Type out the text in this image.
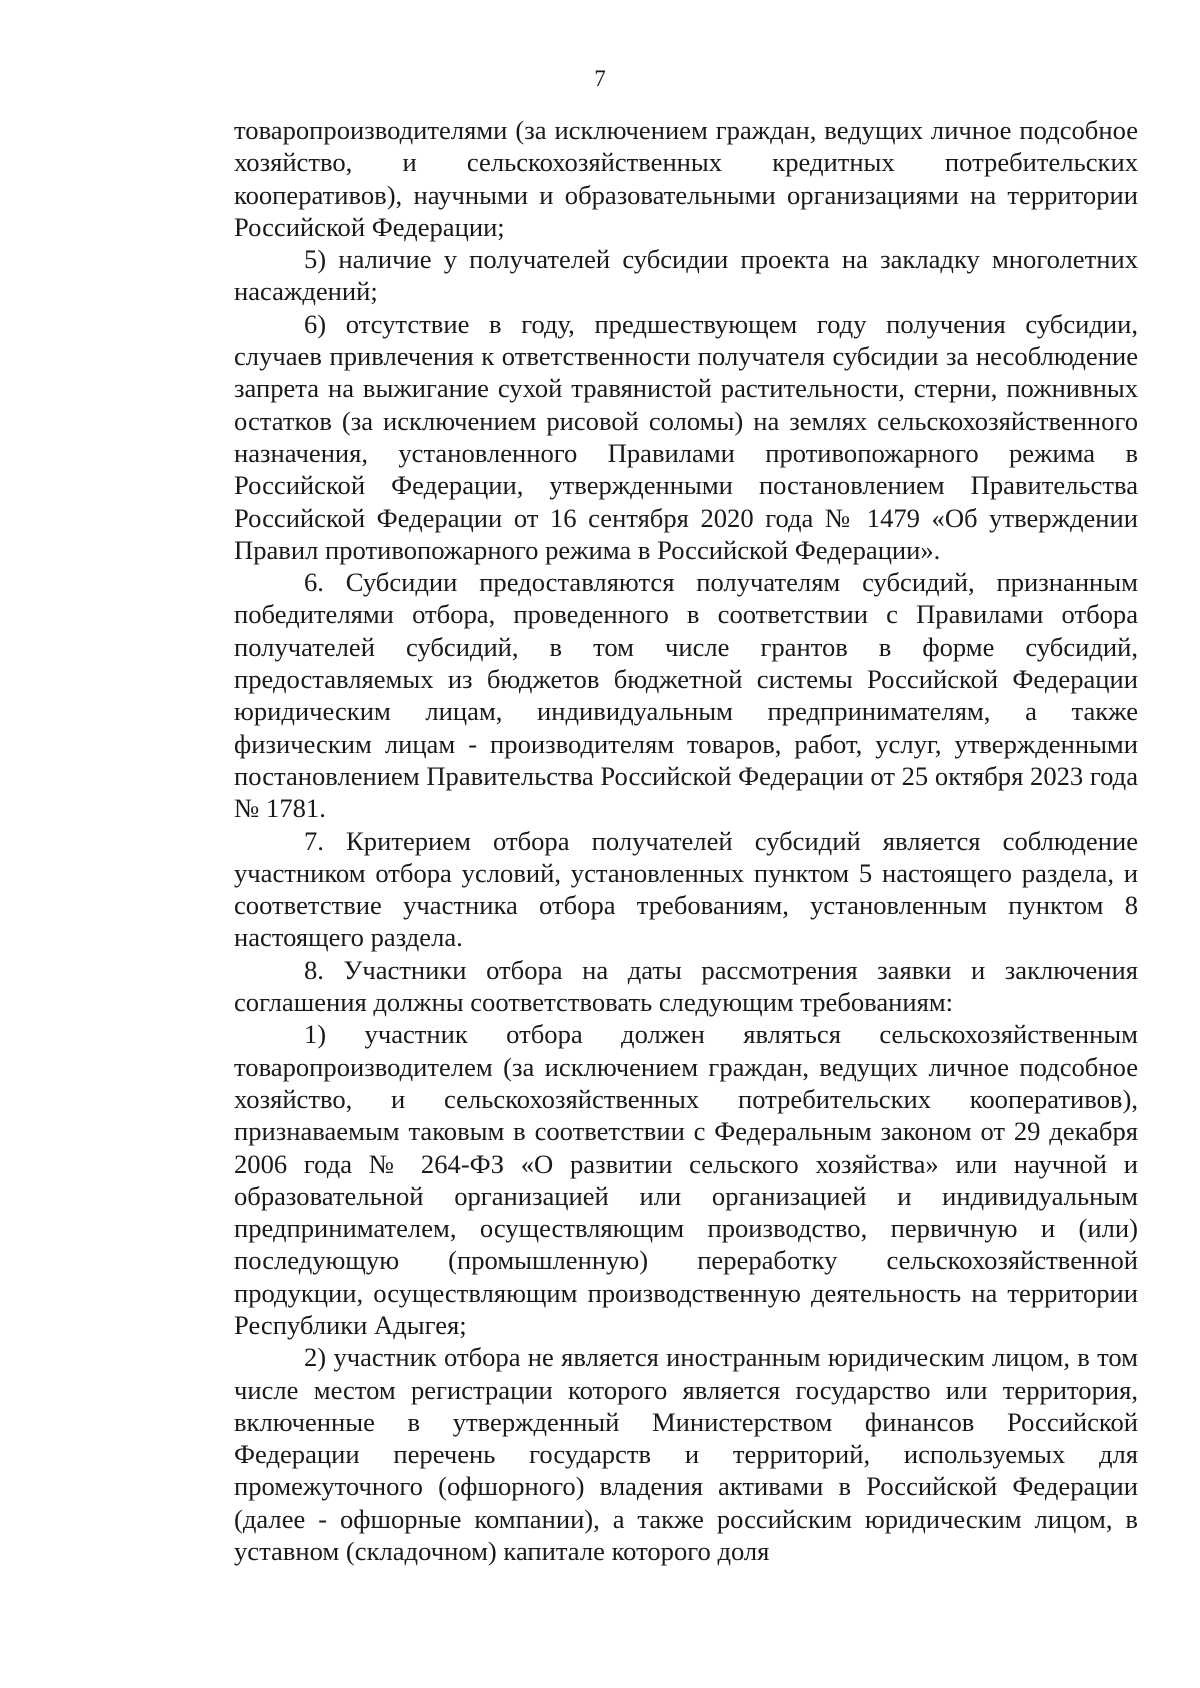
7

товаропроизводителями (за исключением граждан, ведущих личное подсобное хозяйство, и сельскохозяйственных кредитных потребительских кооперативов), научными и образовательными организациями на территории Российской Федерации;

5) наличие у получателей субсидии проекта на закладку многолетних насаждений;

6) отсутствие в году, предшествующем году получения субсидии, случаев привлечения к ответственности получателя субсидии за несоблюдение запрета на выжигание сухой травянистой растительности, стерни, пожнивных остатков (за исключением рисовой соломы) на землях сельскохозяйственного назначения, установленного Правилами противопожарного режима в Российской Федерации, утвержденными постановлением Правительства Российской Федерации от 16 сентября 2020 года № 1479 «Об утверждении Правил противопожарного режима в Российской Федерации».

6. Субсидии предоставляются получателям субсидий, признанным победителями отбора, проведенного в соответствии с Правилами отбора получателей субсидий, в том числе грантов в форме субсидий, предоставляемых из бюджетов бюджетной системы Российской Федерации юридическим лицам, индивидуальным предпринимателям, а также физическим лицам - производителям товаров, работ, услуг, утвержденными постановлением Правительства Российской Федерации от 25 октября 2023 года № 1781.

7. Критерием отбора получателей субсидий является соблюдение участником отбора условий, установленных пунктом 5 настоящего раздела, и соответствие участника отбора требованиям, установленным пунктом 8 настоящего раздела.

8. Участники отбора на даты рассмотрения заявки и заключения соглашения должны соответствовать следующим требованиям:

1) участник отбора должен являться сельскохозяйственным товаропроизводителем (за исключением граждан, ведущих личное подсобное хозяйство, и сельскохозяйственных потребительских кооперативов), признаваемым таковым в соответствии с Федеральным законом от 29 декабря 2006 года № 264-ФЗ «О развитии сельского хозяйства» или научной и образовательной организацией или организацией и индивидуальным предпринимателем, осуществляющим производство, первичную и (или) последующую (промышленную) переработку сельскохозяйственной продукции, осуществляющим производственную деятельность на территории Республики Адыгея;

2) участник отбора не является иностранным юридическим лицом, в том числе местом регистрации которого является государство или территория, включенные в утвержденный Министерством финансов Российской Федерации перечень государств и территорий, используемых для промежуточного (офшорного) владения активами в Российской Федерации (далее - офшорные компании), а также российским юридическим лицом, в уставном (складочном) капитале которого доля
